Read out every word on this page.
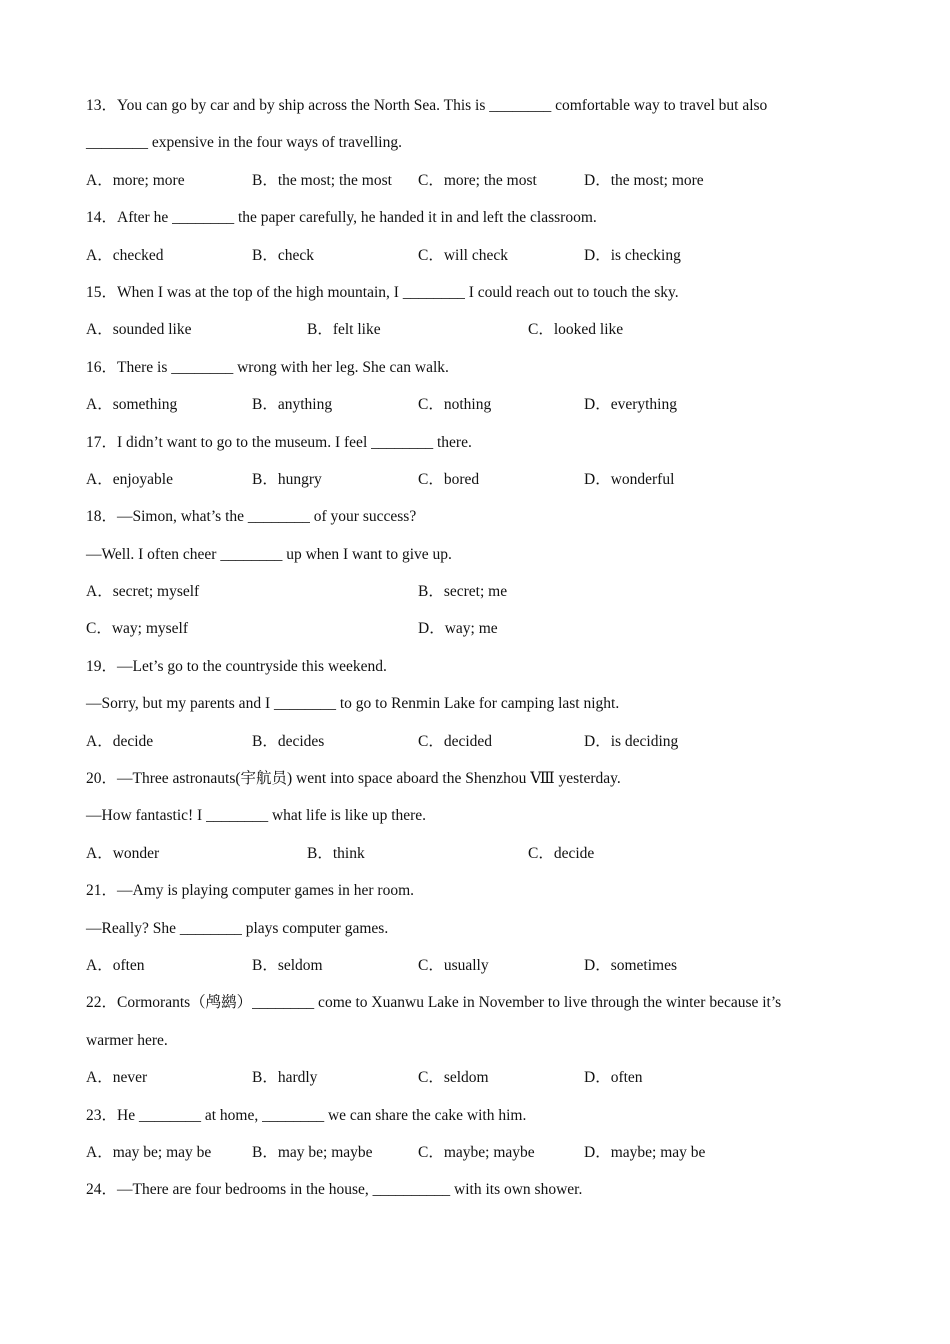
13．You can go by car and by ship across the North Sea. This is ________ comfortable way to travel but also
________ expensive in the four ways of travelling.
A．more; more	B．the most; the most	C．more; the most	D．the most; more
14．After he ________ the paper carefully, he handed it in and left the classroom.
A．checked	B．check	C．will check	D．is checking
15．When I was at the top of the high mountain, I ________ I could reach out to touch the sky.
A．sounded like	B．felt like	C．looked like
16．There is ________ wrong with her leg. She can walk.
A．something	B．anything	C．nothing	D．everything
17．I didn’t want to go to the museum. I feel ________ there.
A．enjoyable	B．hungry	C．bored	D．wonderful
18．—Simon, what’s the ________ of your success?
—Well. I often cheer ________ up when I want to give up.
A．secret; myself	B．secret; me
C．way; myself	D．way; me
19．—Let’s go to the countryside this weekend.
—Sorry, but my parents and I ________ to go to Renmin Lake for camping last night.
A．decide	B．decides	C．decided	D．is deciding
20．—Three astronauts(宇航员) went into space aboard the Shenzhou Ⅷ yesterday.
—How fantastic! I ________ what life is like up there.
A．wonder	B．think	C．decide
21．—Amy is playing computer games in her room.
—Really? She ________ plays computer games.
A．often	B．seldom	C．usually	D．sometimes
22．Cormorants（鸬鹚）________ come to Xuanwu Lake in November to live through the winter because it’s
warmer here.
A．never	B．hardly	C．seldom	D．often
23．He ________ at home, ________ we can share the cake with him.
A．may be; may be	B．may be; maybe	C．maybe; maybe	D．maybe; may be
24．—There are four bedrooms in the house, __________ with its own shower.
